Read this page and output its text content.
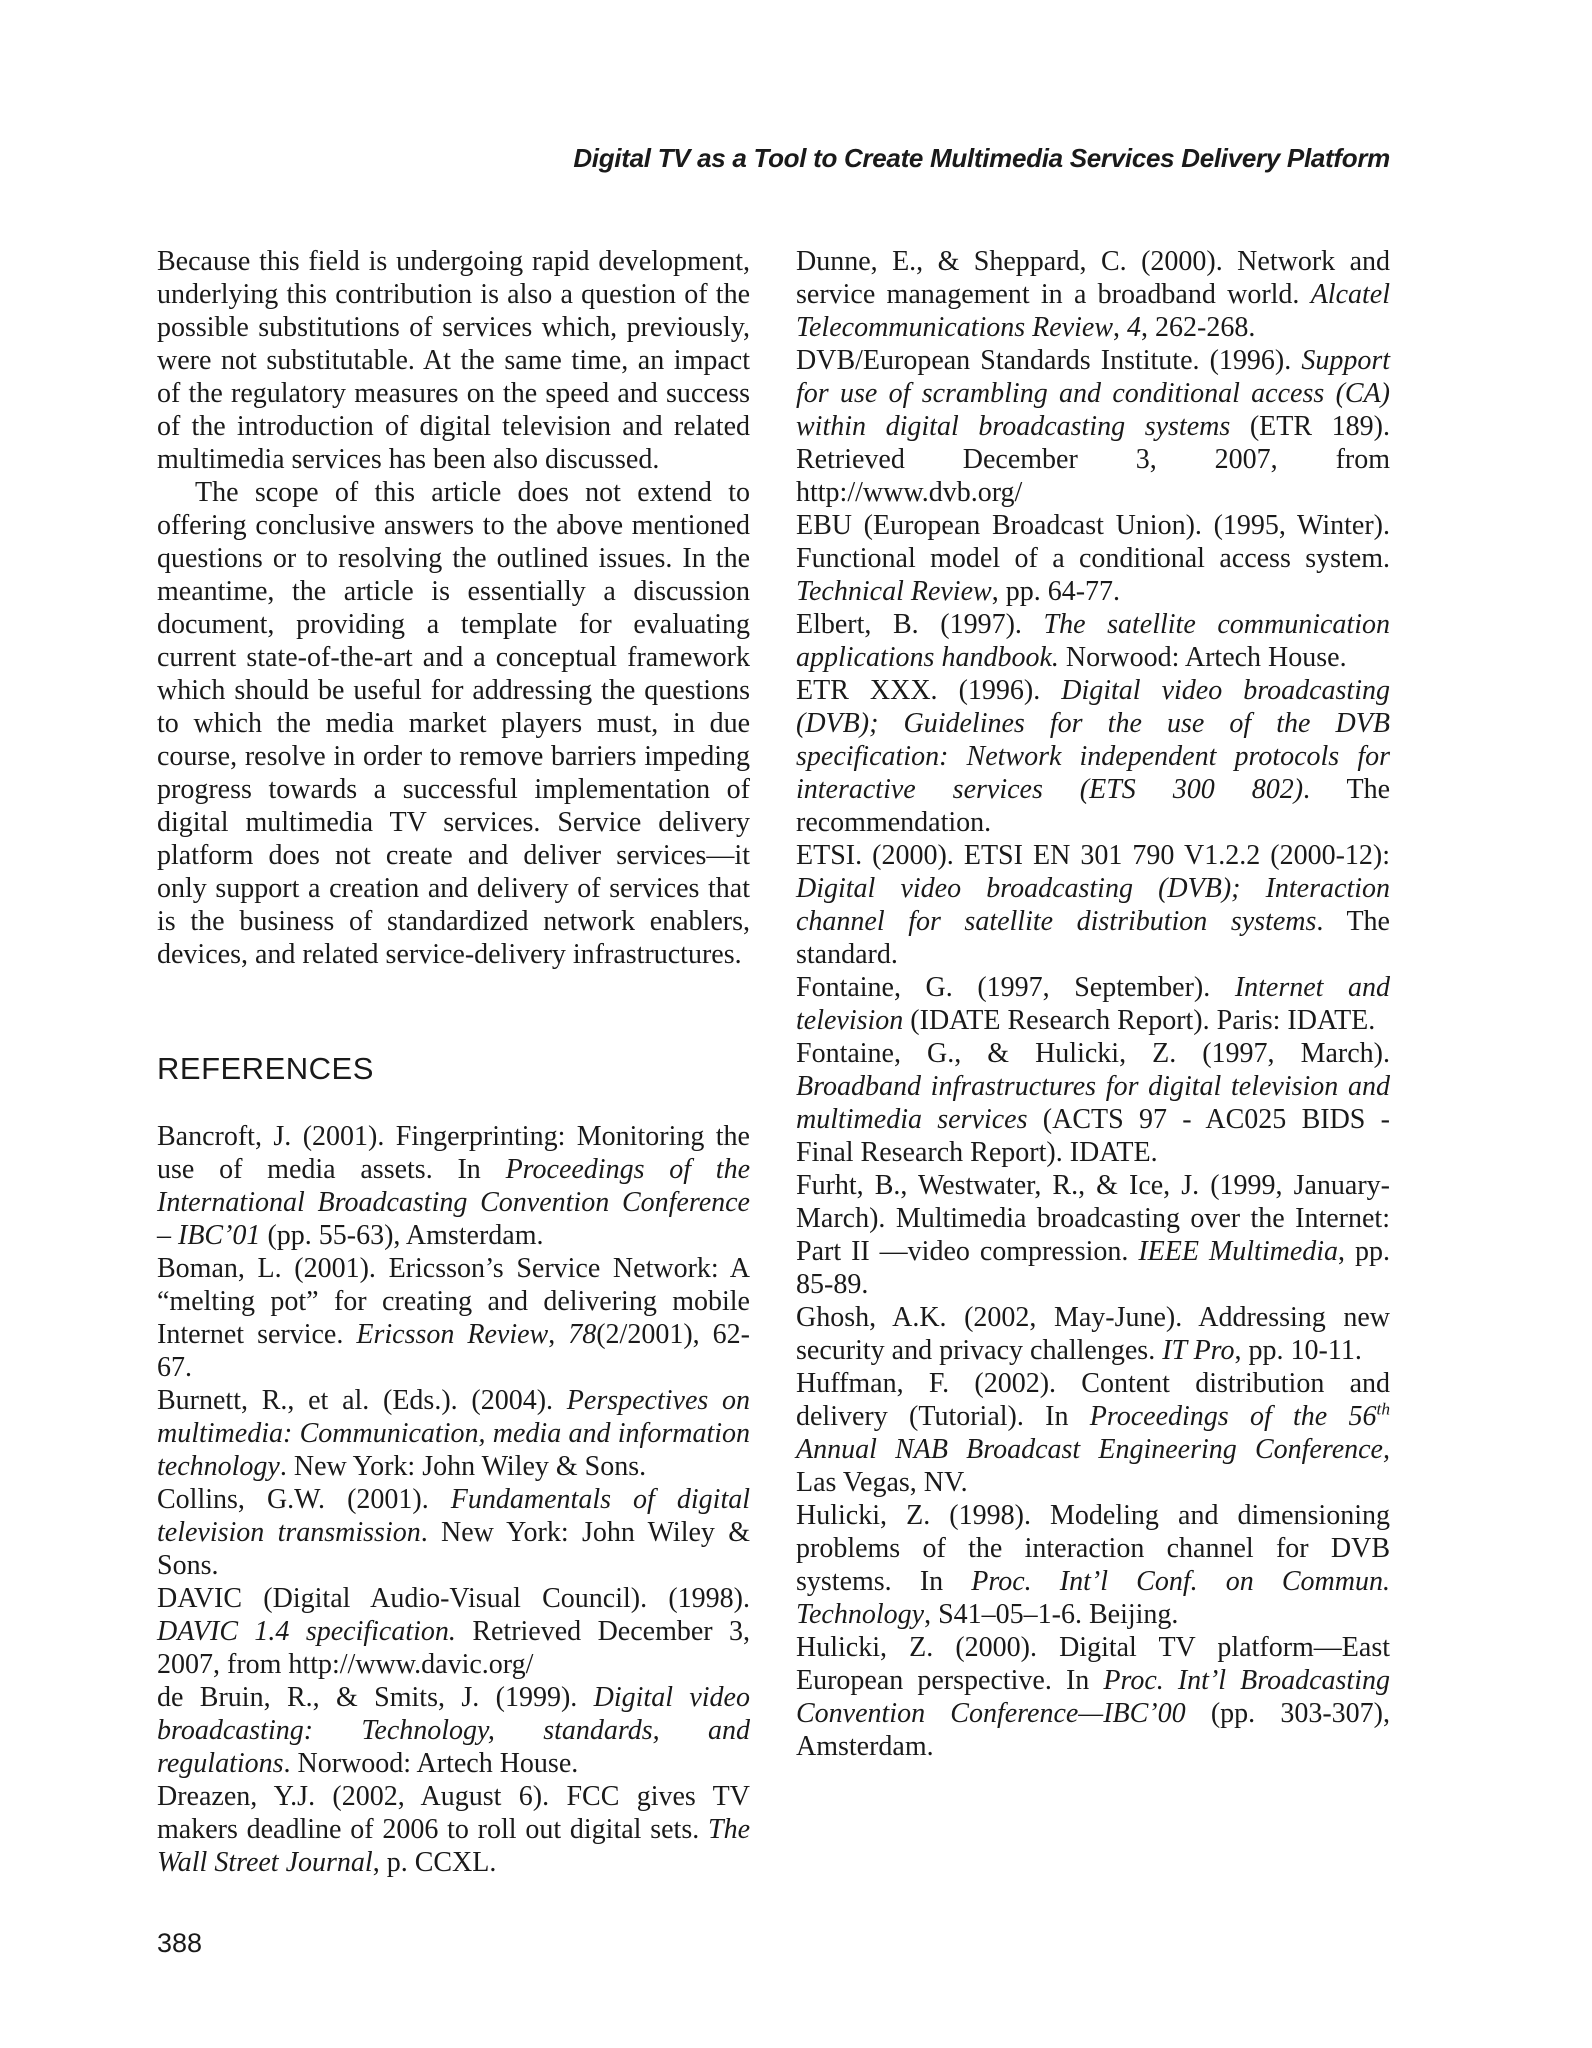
Digital TV as a Tool to Create Multimedia Services Delivery Platform

Because this field is undergoing rapid development, underlying this contribution is also a question of the possible substitutions of services which, previously, were not substitutable. At the same time, an impact of the regulatory measures on the speed and success of the introduction of digital television and related multimedia services has been also discussed.

The scope of this article does not extend to offering conclusive answers to the above mentioned questions or to resolving the outlined issues. In the meantime, the article is essentially a discussion document, providing a template for evaluating current state-of-the-art and a conceptual framework which should be useful for addressing the questions to which the media market players must, in due course, resolve in order to remove barriers impeding progress towards a successful implementation of digital multimedia TV services. Service delivery platform does not create and deliver services—it only support a creation and delivery of services that is the business of standardized network enablers, devices, and related service-delivery infrastructures.

REFERENCES

Bancroft, J. (2001). Fingerprinting: Monitoring the use of media assets. In Proceedings of the International Broadcasting Convention Conference – IBC’01 (pp. 55-63), Amsterdam.

Boman, L. (2001). Ericsson’s Service Network: A “melting pot” for creating and delivering mobile Internet service. Ericsson Review, 78(2/2001), 62-67.

Burnett, R., et al. (Eds.). (2004). Perspectives on multimedia: Communication, media and information technology. New York: John Wiley & Sons.

Collins, G.W. (2001). Fundamentals of digital television transmission. New York: John Wiley & Sons.

DAVIC (Digital Audio-Visual Council). (1998). DAVIC 1.4 specification. Retrieved December 3, 2007, from http://www.davic.org/

de Bruin, R., & Smits, J. (1999). Digital video broadcasting: Technology, standards, and regulations. Norwood: Artech House.

Dreazen, Y.J. (2002, August 6). FCC gives TV makers deadline of 2006 to roll out digital sets. The Wall Street Journal, p. CCXL.

Dunne, E., & Sheppard, C. (2000). Network and service management in a broadband world. Alcatel Telecommunications Review, 4, 262-268.

DVB/European Standards Institute. (1996). Support for use of scrambling and conditional access (CA) within digital broadcasting systems (ETR 189). Retrieved December 3, 2007, from http://www.dvb.org/

EBU (European Broadcast Union). (1995, Winter). Functional model of a conditional access system. Technical Review, pp. 64-77.

Elbert, B. (1997). The satellite communication applications handbook. Norwood: Artech House.

ETR XXX. (1996). Digital video broadcasting (DVB); Guidelines for the use of the DVB specification: Network independent protocols for interactive services (ETS 300 802). The recommendation.

ETSI. (2000). ETSI EN 301 790 V1.2.2 (2000-12): Digital video broadcasting (DVB); Interaction channel for satellite distribution systems. The standard.

Fontaine, G. (1997, September). Internet and television (IDATE Research Report). Paris: IDATE.

Fontaine, G., & Hulicki, Z. (1997, March). Broadband infrastructures for digital television and multimedia services (ACTS 97 - AC025 BIDS - Final Research Report). IDATE.

Furht, B., Westwater, R., & Ice, J. (1999, January-March). Multimedia broadcasting over the Internet: Part II —video compression. IEEE Multimedia, pp. 85-89.

Ghosh, A.K. (2002, May-June). Addressing new security and privacy challenges. IT Pro, pp. 10-11.

Huffman, F. (2002). Content distribution and delivery (Tutorial). In Proceedings of the 56th Annual NAB Broadcast Engineering Conference, Las Vegas, NV.

Hulicki, Z. (1998). Modeling and dimensioning problems of the interaction channel for DVB systems. In Proc. Int’l Conf. on Commun. Technology, S41–05–1-6. Beijing.

Hulicki, Z. (2000). Digital TV platform—East European perspective. In Proc. Int’l Broadcasting Convention Conference—IBC’00 (pp. 303-307), Amsterdam.

388
